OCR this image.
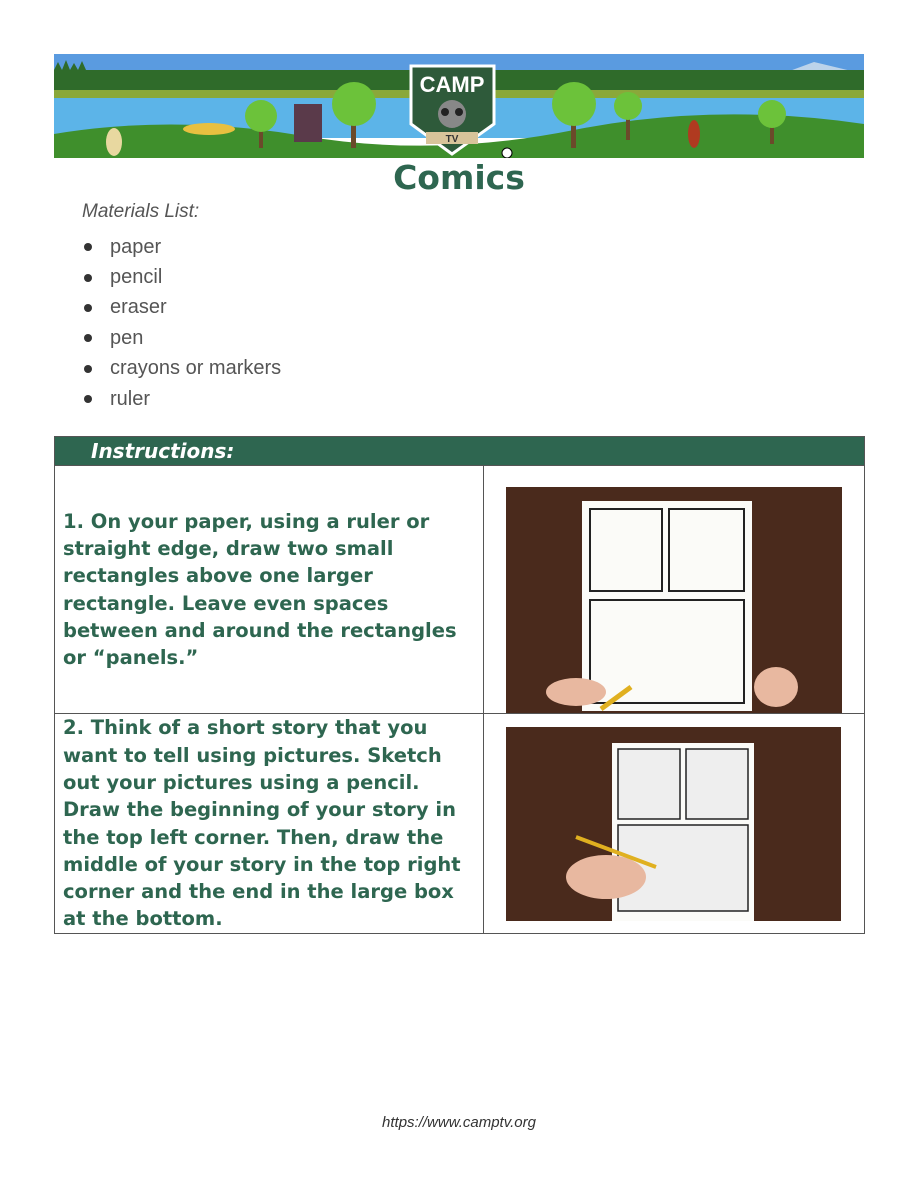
CAMP
TV
Comics
Materials List:
paper
pencil
eraser
pen
crayons or markers
ruler
Instructions:	
1. On your paper, using a ruler or straight edge, draw two small rectangles above one larger rectangle. Leave even spaces between and around the rectangles or “panels.”	

2. Think of a short story that you want to tell using pictures. Sketch out your pictures using a pencil. Draw the beginning of your story in the top left corner. Then, draw the middle of your story in the top right corner and the end in the large box at the bottom.	
https://www.camptv.org
